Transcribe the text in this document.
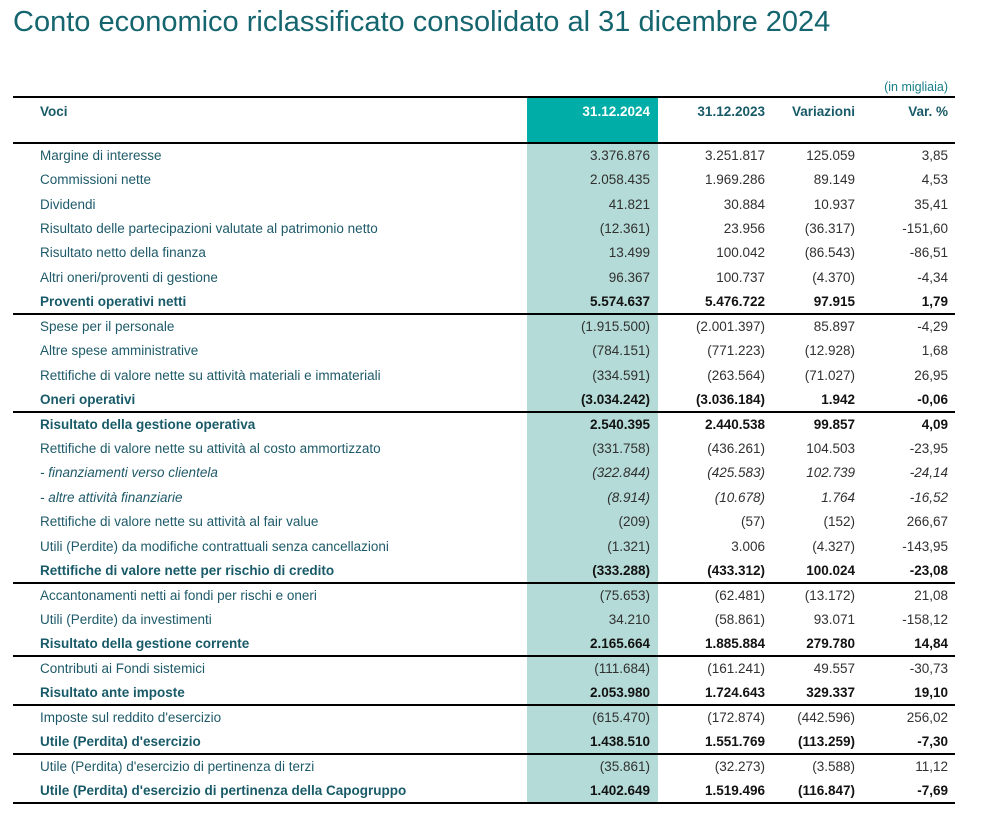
Conto economico riclassificato consolidato al 31 dicembre 2024
(in migliaia)
Voci	31.12.2024	31.12.2023	Variazioni	Var. %
Margine di interesse	3.376.876	3.251.817	125.059	3,85
Commissioni nette	2.058.435	1.969.286	89.149	4,53
Dividendi	41.821	30.884	10.937	35,41
Risultato delle partecipazioni valutate al patrimonio netto	(12.361)	23.956	(36.317)	-151,60
Risultato netto della finanza	13.499	100.042	(86.543)	-86,51
Altri oneri/proventi di gestione	96.367	100.737	(4.370)	-4,34
Proventi operativi netti	5.574.637	5.476.722	97.915	1,79
Spese per il personale	(1.915.500)	(2.001.397)	85.897	-4,29
Altre spese amministrative	(784.151)	(771.223)	(12.928)	1,68
Rettifiche di valore nette su attività materiali e immateriali	(334.591)	(263.564)	(71.027)	26,95
Oneri operativi	(3.034.242)	(3.036.184)	1.942	-0,06
Risultato della gestione operativa	2.540.395	2.440.538	99.857	4,09
Rettifiche di valore nette su attività al costo ammortizzato	(331.758)	(436.261)	104.503	-23,95
- finanziamenti verso clientela	(322.844)	(425.583)	102.739	-24,14
- altre attività finanziarie	(8.914)	(10.678)	1.764	-16,52
Rettifiche di valore nette su attività al fair value	(209)	(57)	(152)	266,67
Utili (Perdite) da modifiche contrattuali senza cancellazioni	(1.321)	3.006	(4.327)	-143,95
Rettifiche di valore nette per rischio di credito	(333.288)	(433.312)	100.024	-23,08
Accantonamenti netti ai fondi per rischi e oneri	(75.653)	(62.481)	(13.172)	21,08
Utili (Perdite) da investimenti	34.210	(58.861)	93.071	-158,12
Risultato della gestione corrente	2.165.664	1.885.884	279.780	14,84
Contributi ai Fondi sistemici	(111.684)	(161.241)	49.557	-30,73
Risultato ante imposte	2.053.980	1.724.643	329.337	19,10
Imposte sul reddito d'esercizio	(615.470)	(172.874)	(442.596)	256,02
Utile (Perdita) d'esercizio	1.438.510	1.551.769	(113.259)	-7,30
Utile (Perdita) d'esercizio di pertinenza di terzi	(35.861)	(32.273)	(3.588)	11,12
Utile (Perdita) d'esercizio di pertinenza della Capogruppo	1.402.649	1.519.496	(116.847)	-7,69
